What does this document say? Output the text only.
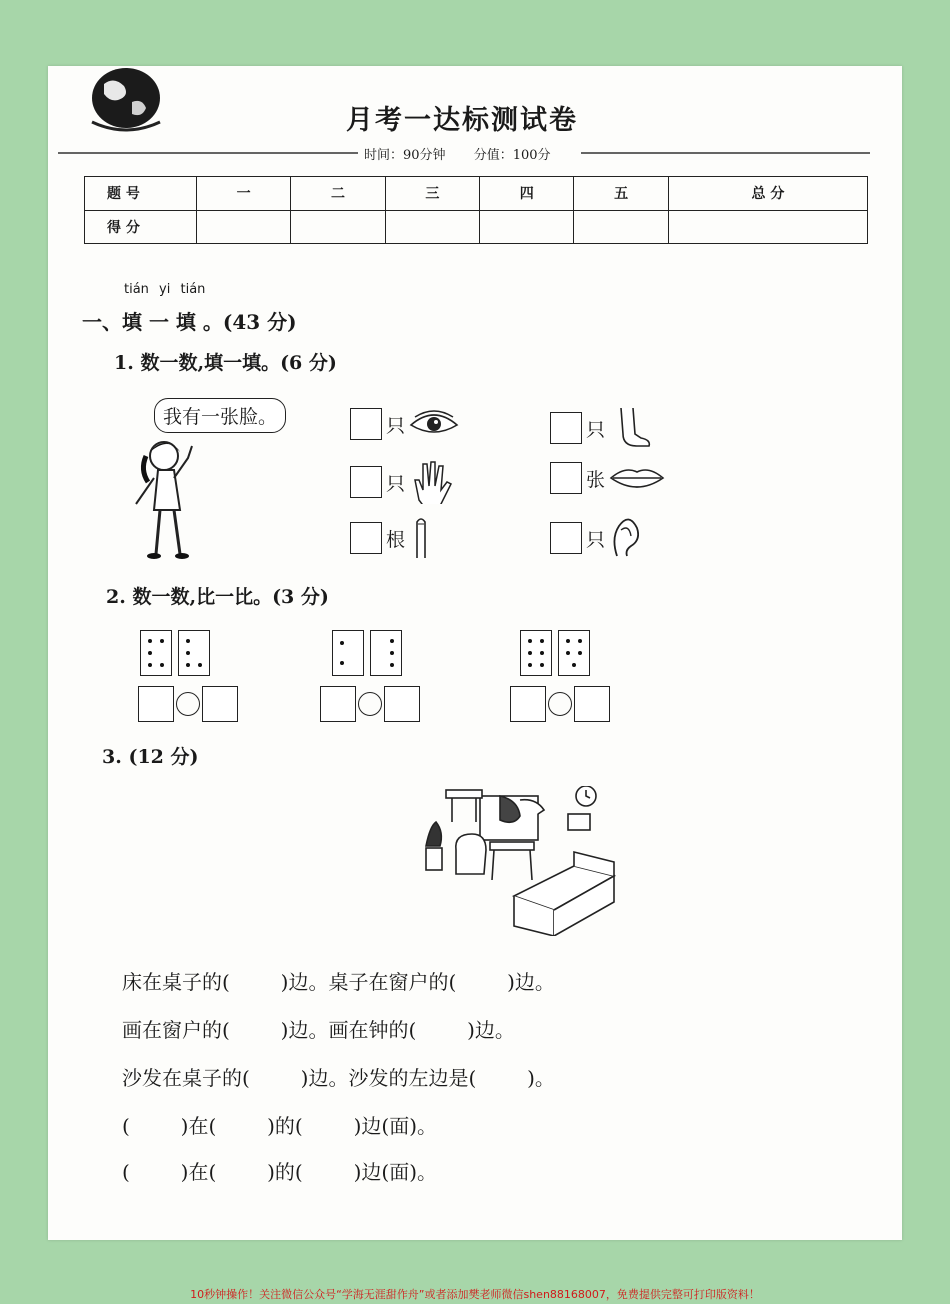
月考一达标测试卷
时间：90分钟 分值：100分
题 号	一	二	三	四	五	总 分
得 分						
tián yi tián
一、填 一 填 。(43 分)
1. 数一数,填一填。(6 分)
我有一张脸。	只	只
只	张
根	只
2. 数一数,比一比。(3 分)
3. (12 分)
床在桌子的(        )边。桌子在窗户的(        )边。
画在窗户的(        )边。画在钟的(        )边。
沙发在桌子的(        )边。沙发的左边是(        )。
(        )在(        )的(        )边(面)。
(        )在(        )的(        )边(面)。
10秒钟操作！关注微信公众号“学海无涯甜作舟”或者添加樊老师微信shen88168007，免费提供完整可打印版资料！
